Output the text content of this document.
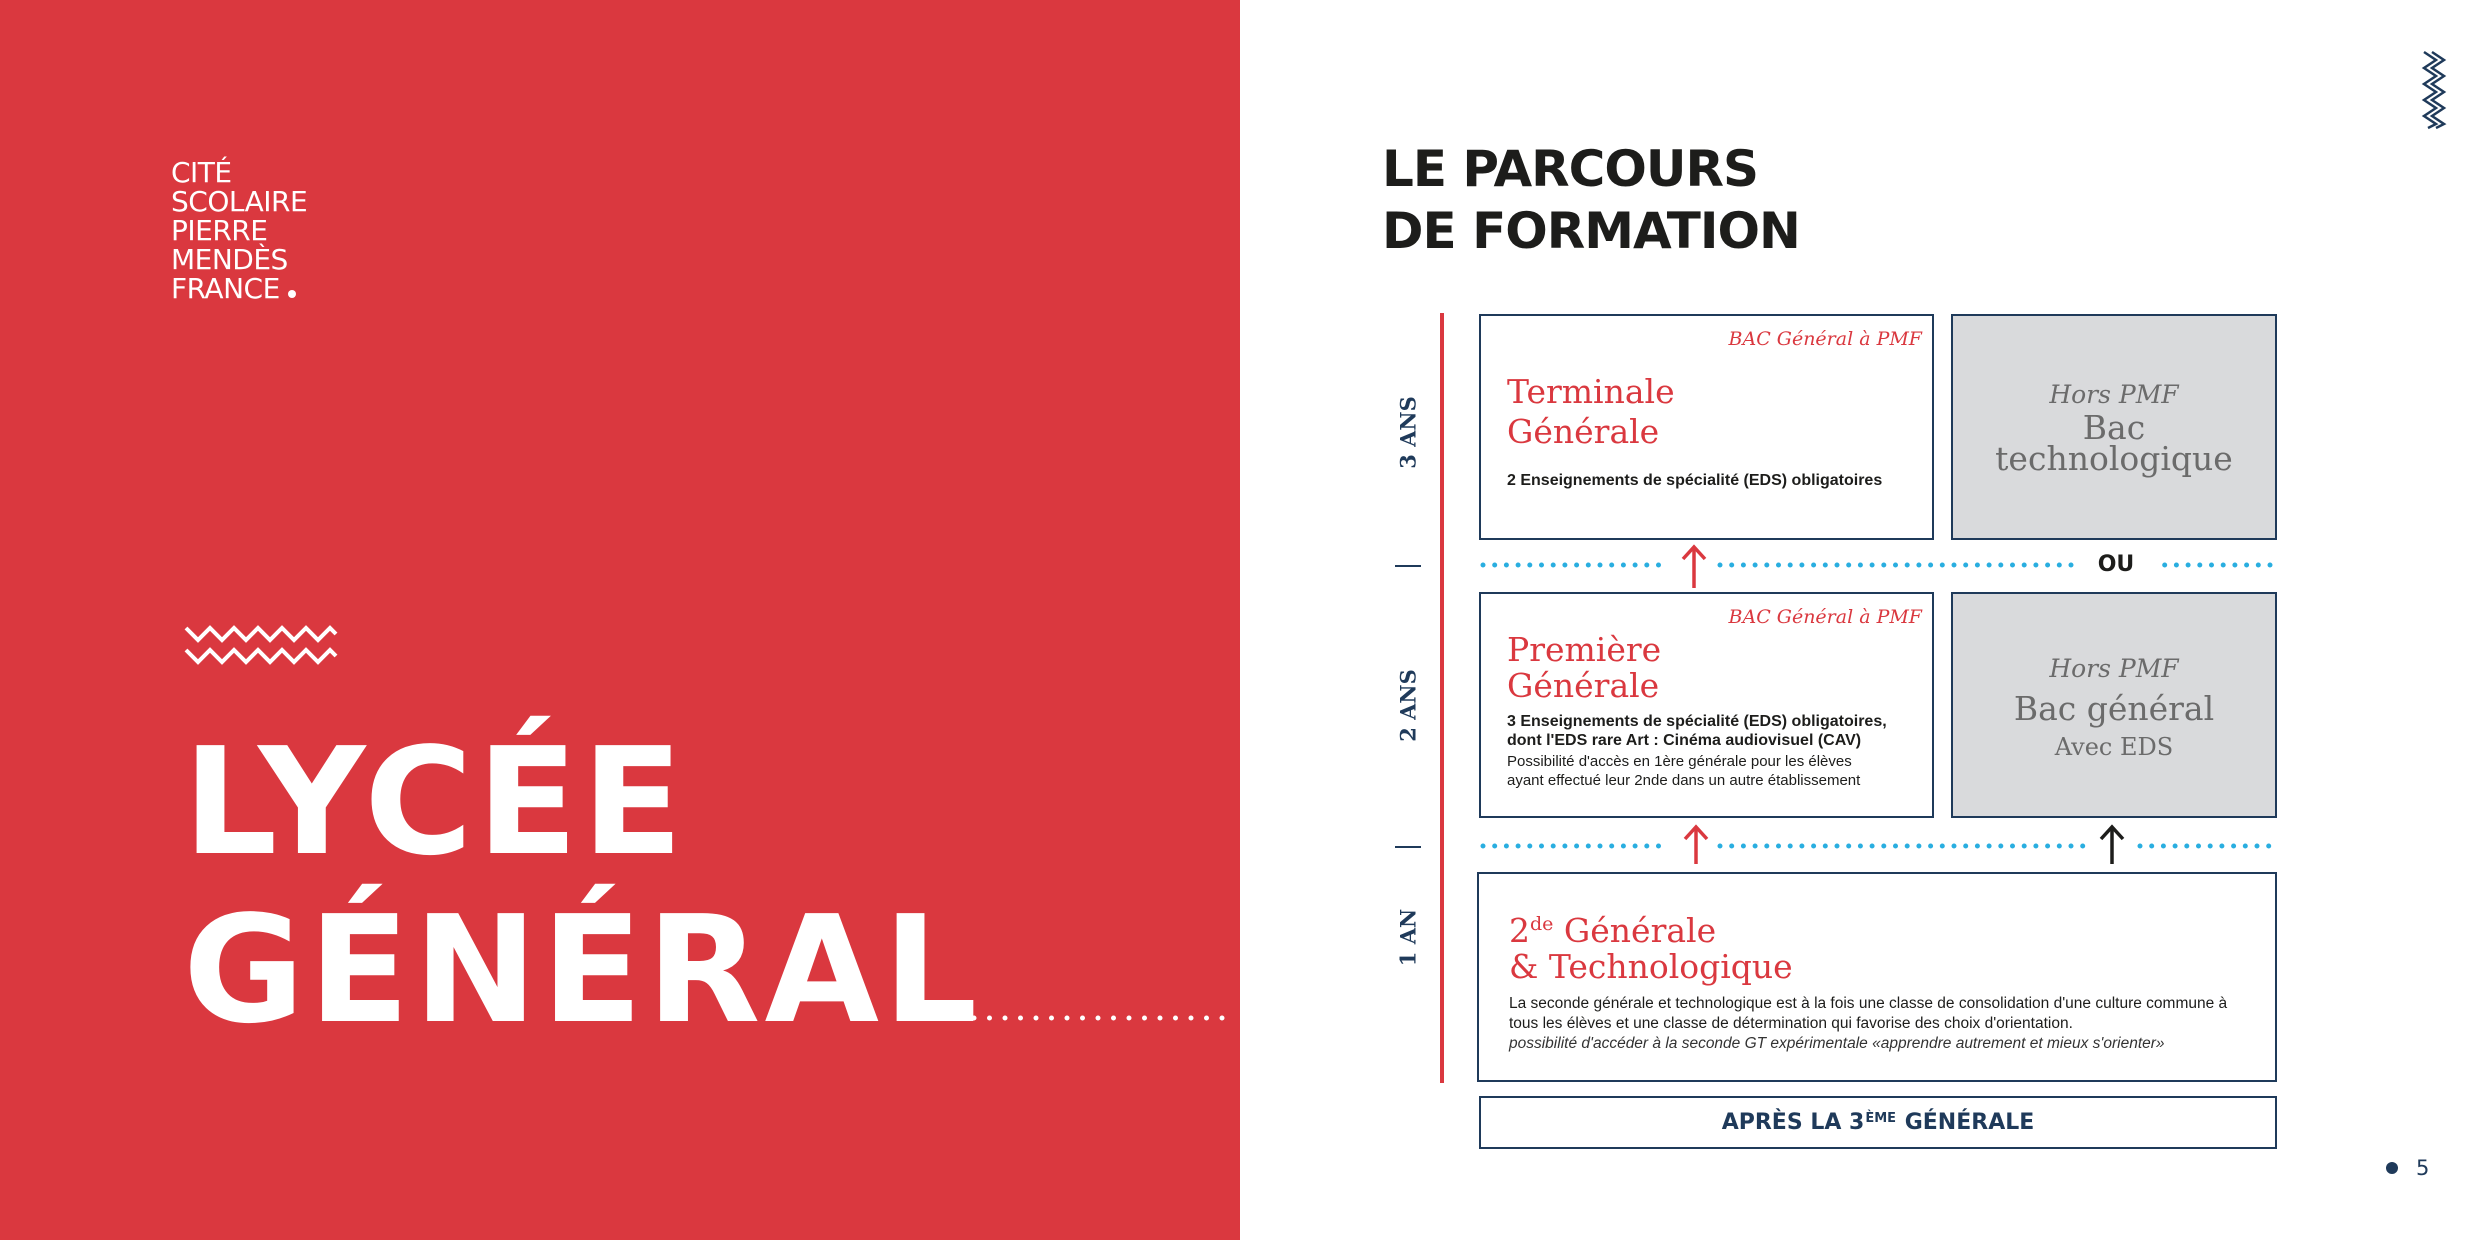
CITÉ
SCOLAIRE
PIERRE
MENDÈS
FRANCE
LYCÉE
GÉNÉRAL
LE PARCOURS
DE FORMATION
3 ANS
2 ANS
1 AN
BAC Général à PMF
Terminale
Générale
2 Enseignements de spécialité (EDS) obligatoires
Hors PMF
Bac
technologique
OU
BAC Général à PMF
Première
Générale
3 Enseignements de spécialité (EDS) obligatoires,
dont l'EDS rare Art : Cinéma audiovisuel (CAV)
Possibilité d'accès en 1ère générale pour les élèves
ayant effectué leur 2nde dans un autre établissement
Hors PMF
Bac général
Avec EDS
2de Générale
& Technologique
La seconde générale et technologique est à la fois une classe de consolidation d'une culture commune à
tous les élèves et une classe de détermination qui favorise des choix d'orientation.
possibilité d'accéder à la seconde GT expérimentale «apprendre autrement et mieux s'orienter»
APRÈS LA 3ÈME GÉNÉRALE
5
